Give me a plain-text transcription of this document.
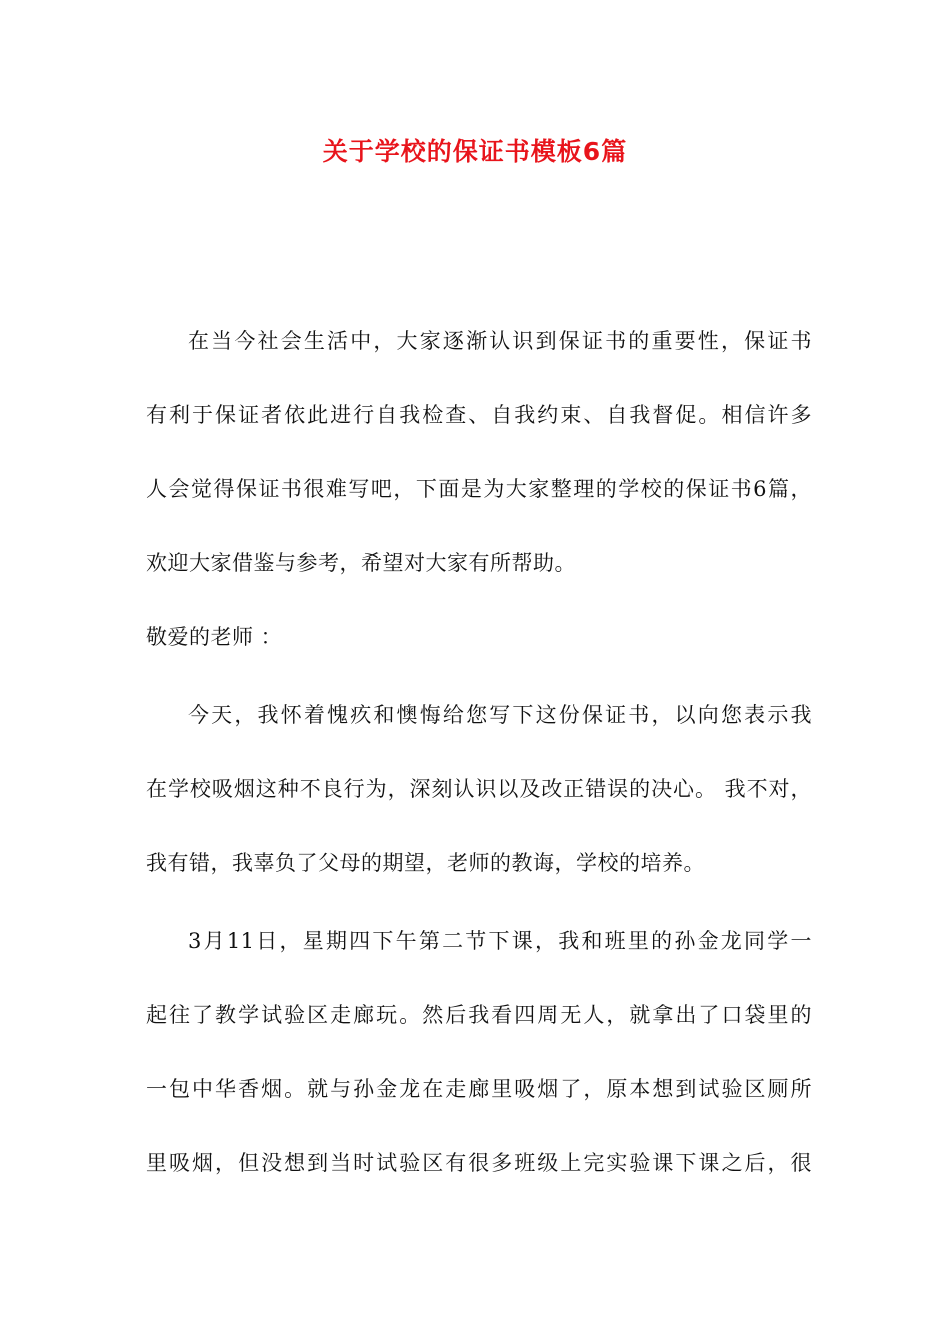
关于学校的保证书模板6篇
在当今社会生活中，大家逐渐认识到保证书的重要性，保证书
有利于保证者依此进行自我检查、自我约束、自我督促。相信许多
人会觉得保证书很难写吧，下面是为大家整理的学校的保证书6篇，
欢迎大家借鉴与参考，希望对大家有所帮助。
敬爱的老师 ：
今天，我怀着愧疚和懊悔给您写下这份保证书，以向您表示我
在学校吸烟这种不良行为，深刻认识以及改正错误的决心。 我不对，
我有错，我辜负了父母的期望，老师的教诲，学校的培养。
3月11日，星期四下午第二节下课，我和班里的孙金龙同学一
起往了教学试验区走廊玩。然后我看四周无人，就拿出了口袋里的
一包中华香烟。就与孙金龙在走廊里吸烟了，原本想到试验区厕所
里吸烟，但没想到当时试验区有很多班级上完实验课下课之后，很
